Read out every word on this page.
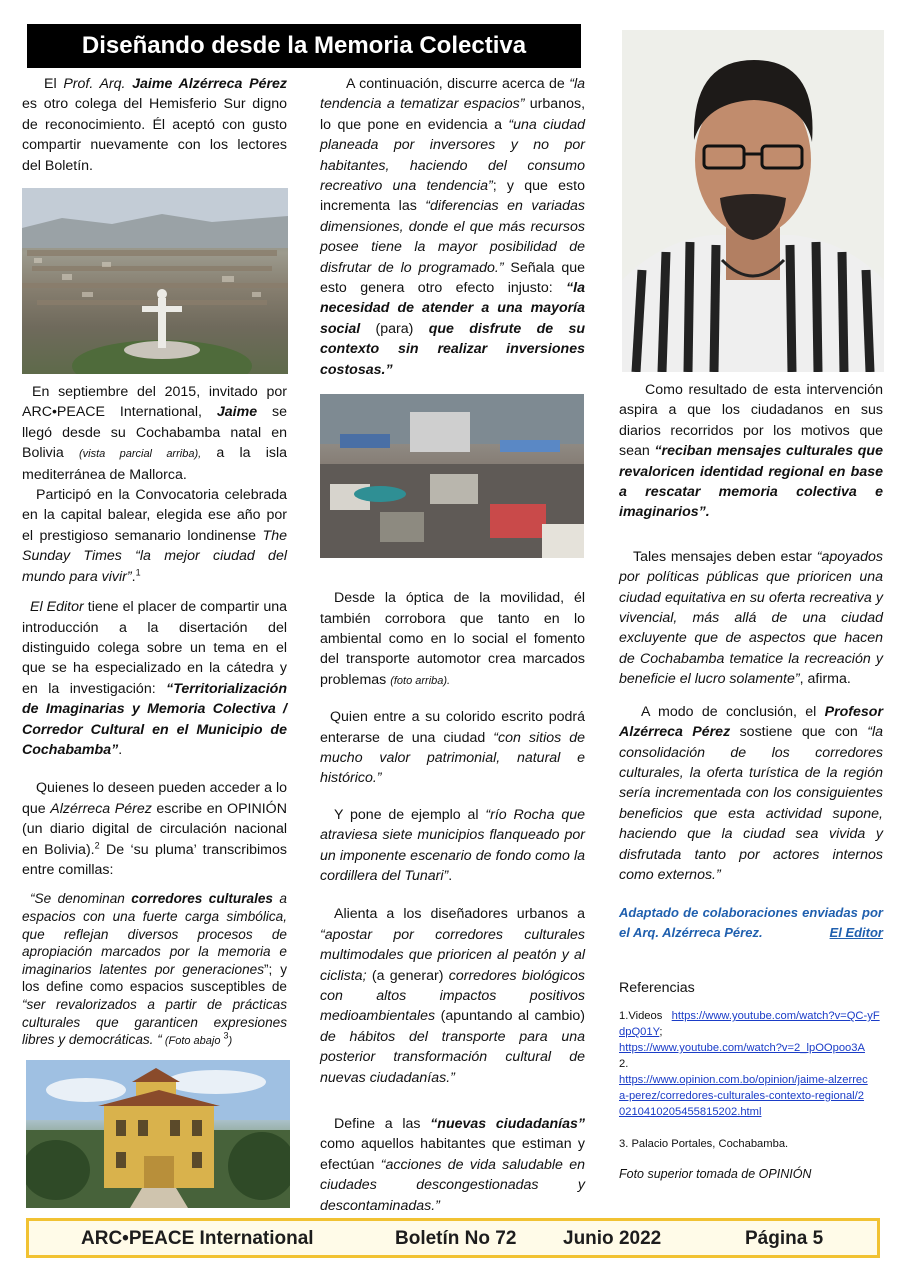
Diseñando desde la Memoria Colectiva

El Prof. Arq. Jaime Alzérreca Pérez es otro colega del Hemisferio Sur digno de reconocimiento. Él aceptó con gusto compartir nuevamente con los lectores del Boletín.

En septiembre del 2015, invitado por ARC•PEACE International, Jaime se llegó desde su Cochabamba natal en Bolivia (vista parcial arriba), a la isla mediterránea de Mallorca.

Participó en la Convocatoria celebrada en la capital balear, elegida ese año por el prestigioso semanario londinense The Sunday Times “la mejor ciudad del mundo para vivir”.$^1$

El Editor tiene el placer de compartir una introducción a la disertación del distinguido colega sobre un tema en el que se ha especializado en la cátedra y en la investigación: “Territorialización de Imaginarias y Memoria Colectiva / Corredor Cultural en el Municipio de Cochabamba”.

Quienes lo deseen pueden acceder a lo que Alzérreca Pérez escribe en OPINIÓN (un diario digital de circulación nacional en Bolivia).$^2$ De ‘su pluma’ transcribimos entre comillas:

“Se denominan corredores culturales a espacios con una fuerte carga simbólica, que reflejan diversos procesos de apropiación marcados por la memoria e imaginarios latentes por generaciones”; y los define como espacios susceptibles de “ser revalorizados a partir de prácticas culturales que garanticen expresiones libres y democráticas. “ (Foto abajo $^3$)

A continuación, discurre acerca de “la tendencia a tematizar espacios” urbanos, lo que pone en evidencia a “una ciudad planeada por inversores y no por habitantes, haciendo del consumo recreativo una tendencia”; y que esto incrementa las “diferencias en variadas dimensiones, donde el que más recursos posee tiene la mayor posibilidad de disfrutar de lo programado.” Señala que esto genera otro efecto injusto: “la necesidad de atender a una mayoría social (para) que disfrute de su contexto sin realizar inversiones costosas.”

Desde la óptica de la movilidad, él también corrobora que tanto en lo ambiental como en lo social el fomento del transporte automotor crea marcados problemas (foto arriba).

Quien entre a su colorido escrito podrá enterarse de una ciudad “con sitios de mucho valor patrimonial, natural e histórico.”

Y pone de ejemplo al “río Rocha que atraviesa siete municipios flanqueado por un imponente escenario de fondo como la cordillera del Tunari”.

Alienta a los diseñadores urbanos a “apostar por corredores culturales multimodales que prioricen al peatón y al ciclista; (a generar) corredores biológicos con altos impactos positivos medioambientales (apuntando al cambio) de hábitos del transporte para una posterior transformación cultural de nuevas ciudadanías.”

Define a las “nuevas ciudadanías” como aquellos habitantes que estiman y efectúan “acciones de vida saludable en ciudades descongestionadas y descontaminadas.”

Como resultado de esta intervención aspira a que los ciudadanos en sus diarios recorridos por los motivos que sean “reciban mensajes culturales que revaloricen identidad regional en base a rescatar memoria colectiva e imaginarios”.

Tales mensajes deben estar “apoyados por políticas públicas que prioricen una ciudad equitativa en su oferta recreativa y vivencial, más allá de una ciudad excluyente que de aspectos que hacen de Cochabamba tematice la recreación y beneficie el lucro solamente”, afirma.

A modo de conclusión, el Profesor Alzérreca Pérez sostiene que con “la consolidación de los corredores culturales, la oferta turística de la región sería incrementada con los consiguientes beneficios que esta actividad supone, haciendo que la ciudad sea vivida y disfrutada tanto por actores internos como externos.”

Adaptado de colaboraciones enviadas por el Arq. Alzérreca Pérez.	El Editor

Referencias
1.Videos https://www.youtube.com/watch?v=QC-yFdpQ01Y;
https://www.youtube.com/watch?v=2_lpOOpoo3A
2.

https://www.opinion.com.bo/opinion/jaime-alzerreca-perez/corredores-culturales-contexto-regional/20210410205455815202.html
3. Palacio Portales, Cochabamba.
Foto superior tomada de OPINIÓN
ARC•PEACE International	Boletín No 72 Junio 2022	Página 5
